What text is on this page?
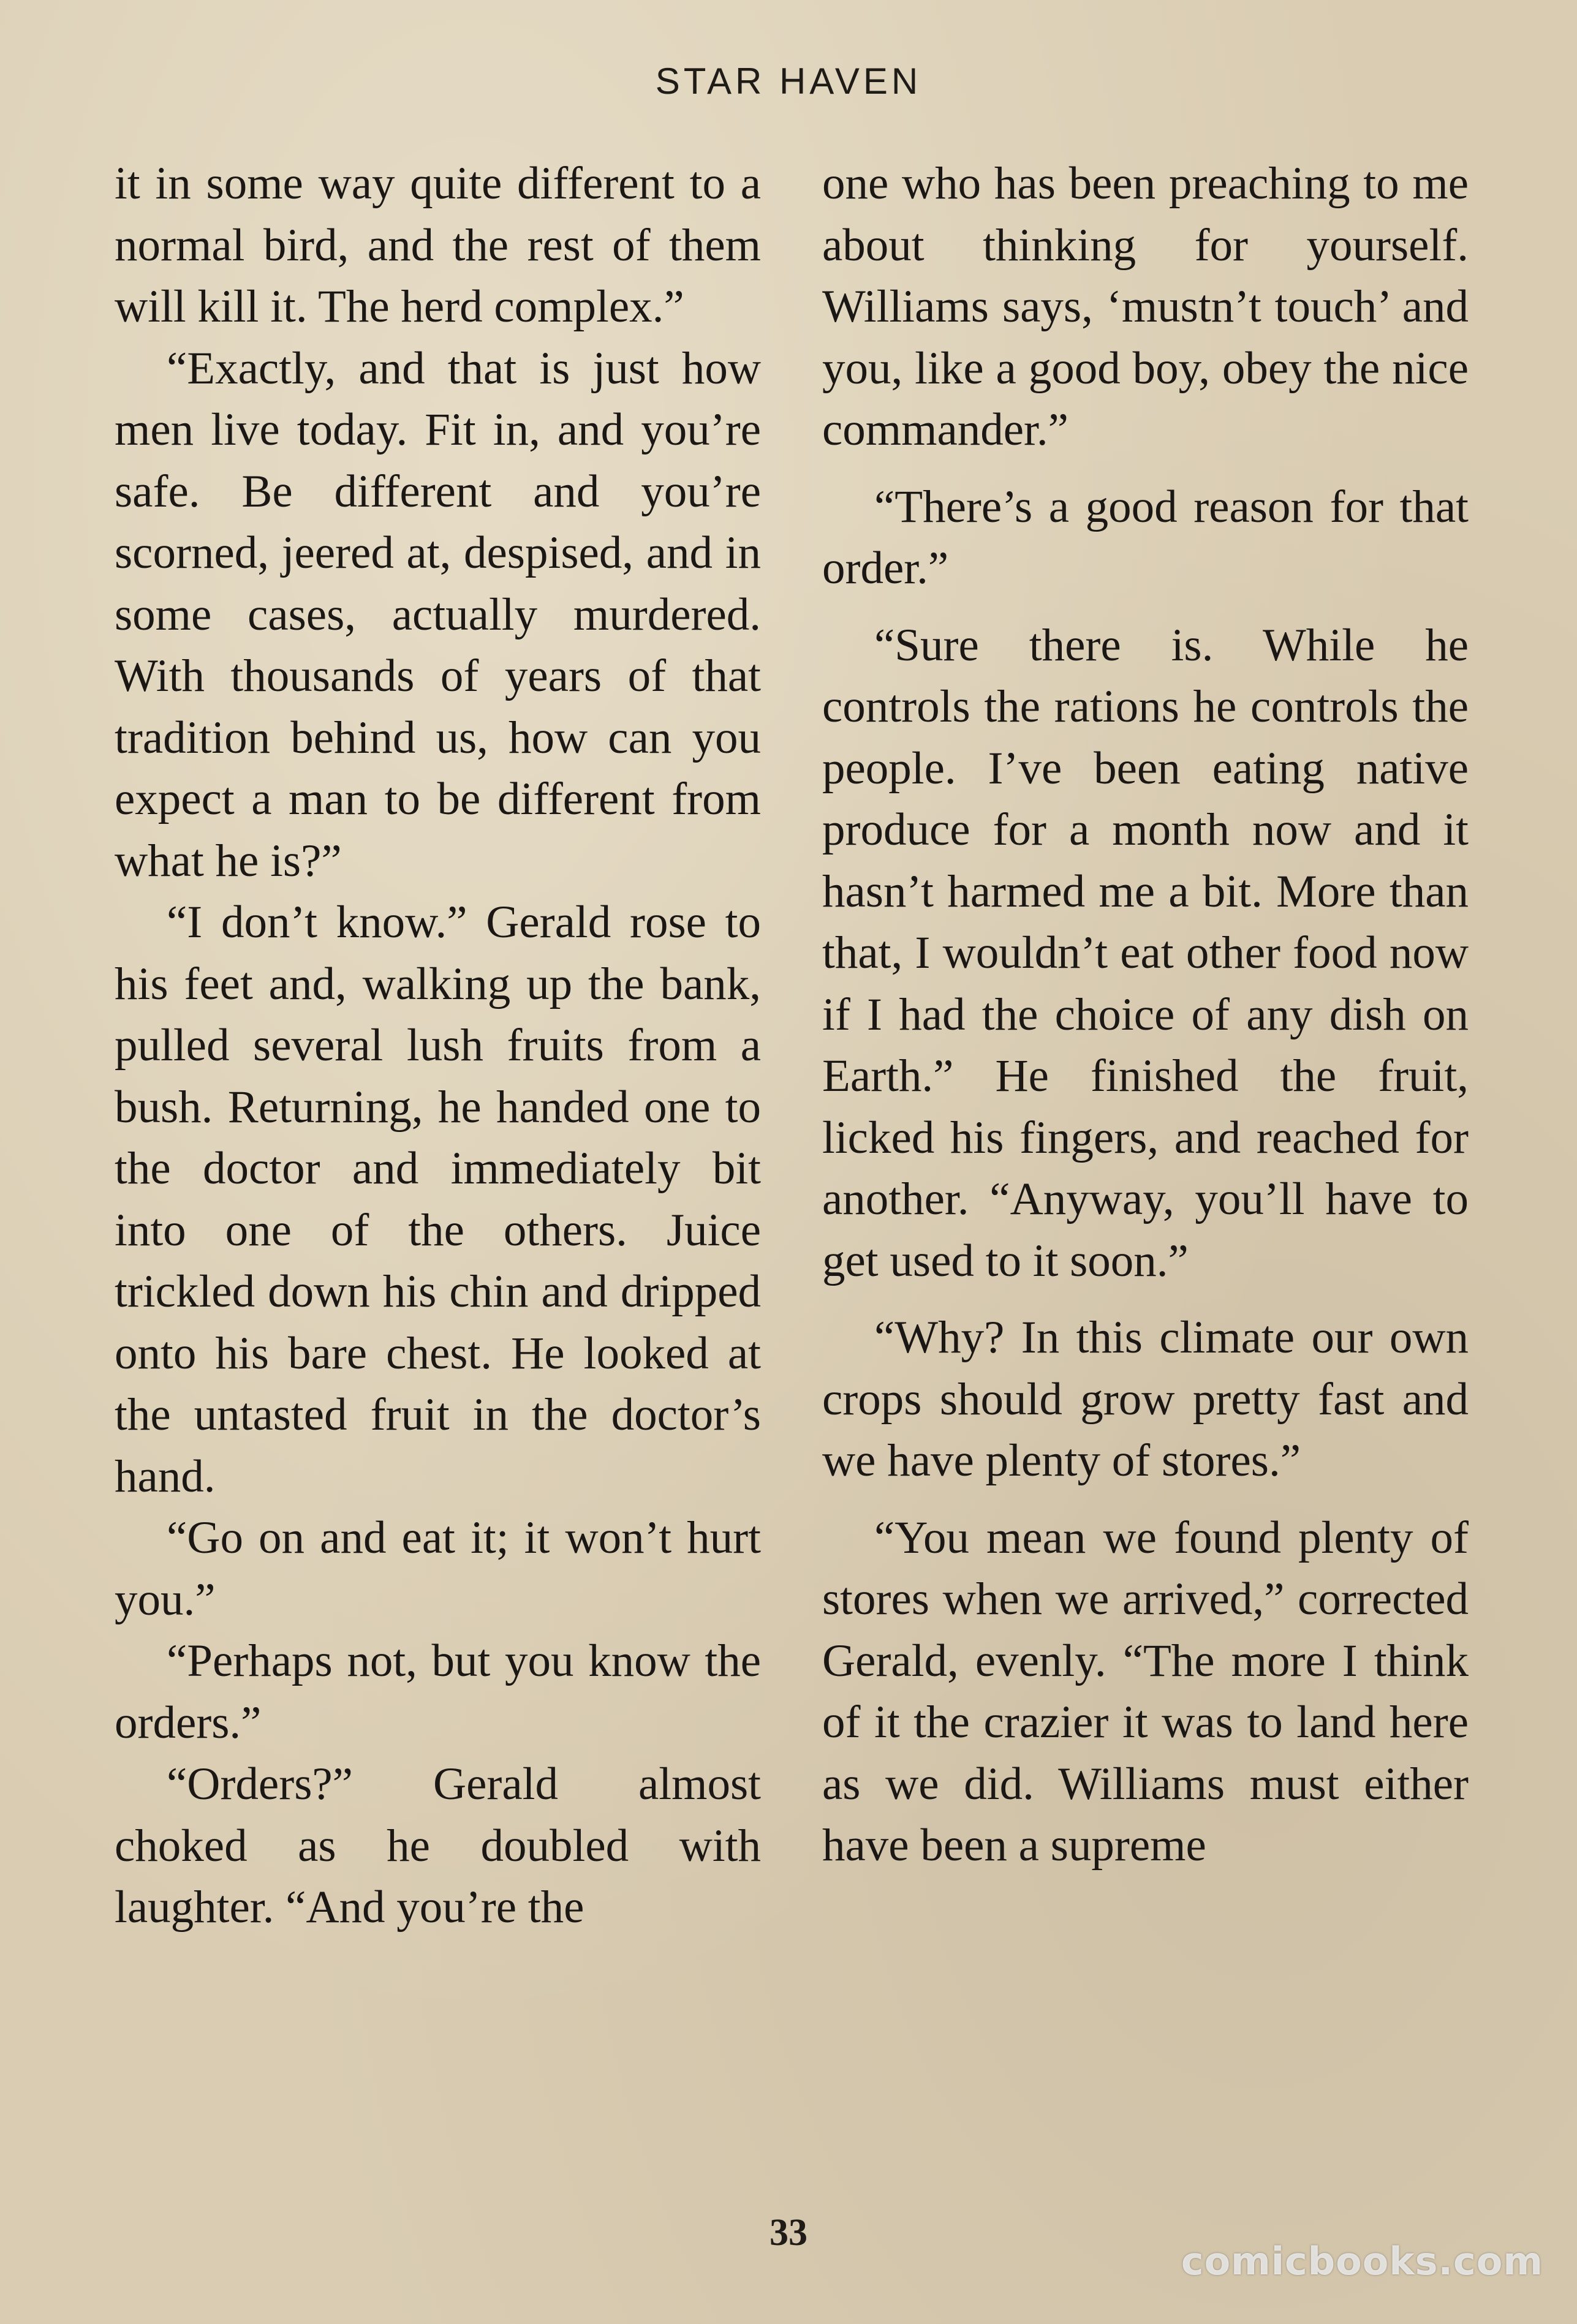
STAR HAVEN

it in some way quite different to a normal bird, and the rest of them will kill it. The herd complex.”

“Exactly, and that is just how men live today. Fit in, and you’re safe. Be different and you’re scorned, jeered at, despised, and in some cases, actually murdered. With thousands of years of that tradition behind us, how can you expect a man to be different from what he is?”

“I don’t know.” Gerald rose to his feet and, walking up the bank, pulled several lush fruits from a bush. Returning, he handed one to the doctor and immediately bit into one of the others. Juice trickled down his chin and dripped onto his bare chest. He looked at the untasted fruit in the doctor’s hand.

“Go on and eat it; it won’t hurt you.”

“Perhaps not, but you know the orders.”

“Orders?” Gerald almost choked as he doubled with laughter. “And you’re the

one who has been preaching to me about thinking for yourself. Williams says, ‘mustn’t touch’ and you, like a good boy, obey the nice commander.”

“There’s a good reason for that order.”

“Sure there is. While he controls the rations he controls the people. I’ve been eating native produce for a month now and it hasn’t harmed me a bit. More than that, I wouldn’t eat other food now if I had the choice of any dish on Earth.” He finished the fruit, licked his fingers, and reached for another. “Anyway, you’ll have to get used to it soon.”

“Why? In this climate our own crops should grow pretty fast and we have plenty of stores.”

“You mean we found plenty of stores when we arrived,” corrected Gerald, evenly. “The more I think of it the crazier it was to land here as we did. Williams must either have been a supreme

33
comicbooks.com
